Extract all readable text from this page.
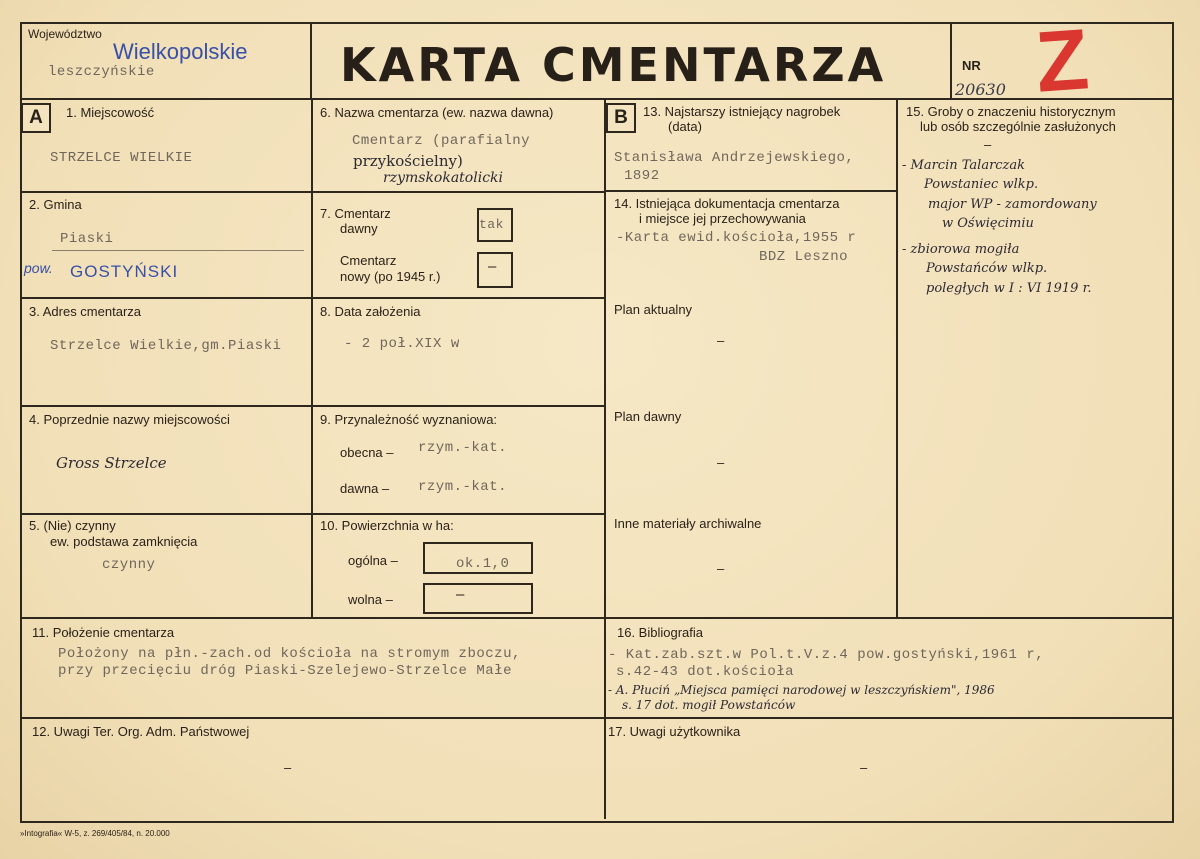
Województwo
Wielkopolskie
leszczyńskie	KARTA CMENTARZA	NR
20630 Z
A	1. Miejscowość
STRZELCE WIELKIE
2. Gmina
Piaski
pow. GOSTYŃSKI
3. Adres cmentarza
Strzelce Wielkie,gm.Piaski
4. Poprzednie nazwy miejscowości
Gross Strzelce
5. (Nie) czynny
ew. podstawa zamknięcia
czynny
6. Nazwa cmentarza (ew. nazwa dawna)
Cmentarz (parafialny
przykościelny)
rzymskokatolicki
7. Cmentarz
dawny	tak
Cmentarz
nowy (po 1945 r.)
–
8. Data założenia
- 2 poł.XIX w
9. Przynależność wyznaniowa:
obecna – rzym.-kat.
dawna – rzym.-kat.
10. Powierzchnia w ha:
ogólna –	ok.1,0
wolna –	–
B	13. Najstarszy istniejący nagrobek
(data)
Stanisława Andrzejewskiego,
1892
14. Istniejąca dokumentacja cmentarza
i miejsce jej przechowywania
-Karta ewid.kościoła,1955 r
BDZ Leszno
Plan aktualny
–
Plan dawny
–
Inne materiały archiwalne
–
15. Groby o znaczeniu historycznym
lub osób szczególnie zasłużonych
–
- Marcin Talarczak
Powstaniec wlkp.
major WP - zamordowany
w Oświęcimiu
- zbiorowa mogiła
Powstańców wlkp.
poległych w I : VI 1919 r.
11. Położenie cmentarza
Położony na płn.-zach.od kościoła na stromym zboczu,
przy przecięciu dróg Piaski-Szelejewo-Strzelce Małe
16. Bibliografia
- Kat.zab.szt.w Pol.t.V.z.4 pow.gostyński,1961 r,
s.42-43 dot.kościoła
- A. Płuciń „Miejsca pamięci narodowej w leszczyńskiem", 1986
s. 17 dot. mogił Powstańców
12. Uwagi Ter. Org. Adm. Państwowej
–
17. Uwagi użytkownika
–
»Intografia« W-5, z. 269/405/84, n. 20.000
